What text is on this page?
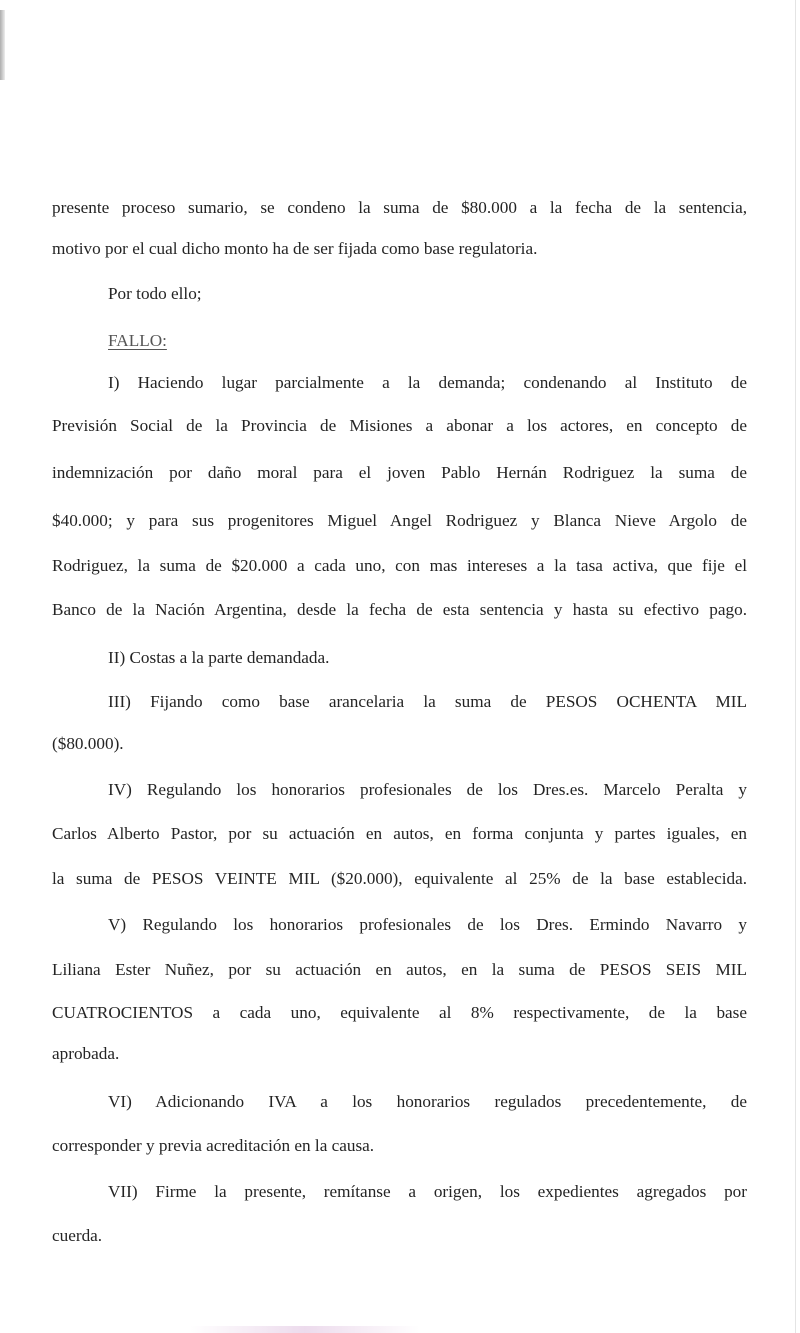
presente proceso sumario, se condeno la suma de $80.000 a la fecha de la sentencia,
motivo por el cual dicho monto ha de ser fijada como base regulatoria.
Por todo ello;
FALLO:
I) Haciendo lugar parcialmente a la demanda; condenando al Instituto de
Previsión Social de la Provincia de Misiones a abonar a los actores, en concepto de
indemnización por daño moral para el joven Pablo Hernán Rodriguez la suma de
$40.000; y para sus progenitores Miguel Angel Rodriguez y Blanca Nieve Argolo de
Rodriguez, la suma de $20.000 a cada uno, con mas intereses a la tasa activa, que fije el
Banco de la Nación Argentina, desde la fecha de esta sentencia y hasta su efectivo pago.
II) Costas a la parte demandada.
III) Fijando como base arancelaria la suma de PESOS OCHENTA MIL
($80.000).
IV) Regulando los honorarios profesionales de los Dres.es. Marcelo Peralta y
Carlos Alberto Pastor, por su actuación en autos, en forma conjunta y partes iguales, en
la suma de PESOS VEINTE MIL ($20.000), equivalente al 25% de la base establecida.
V) Regulando los honorarios profesionales de los Dres. Ermindo Navarro y
Liliana Ester Nuñez, por su actuación en autos, en la suma de PESOS SEIS MIL
CUATROCIENTOS a cada uno, equivalente al 8% respectivamente, de la base
aprobada.
VI) Adicionando IVA a los honorarios regulados precedentemente, de
corresponder y previa acreditación en la causa.
VII) Firme la presente, remítanse a origen, los expedientes agregados por
cuerda.
